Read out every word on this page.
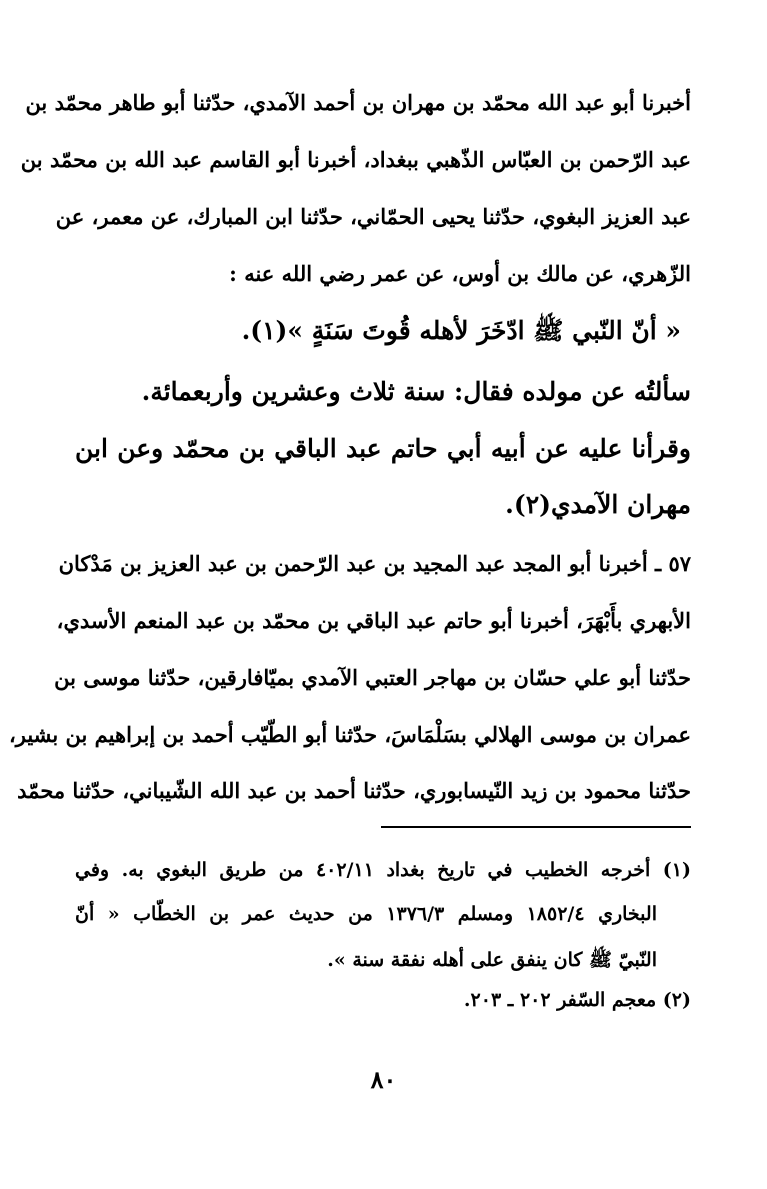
أخبرنا أبو عبد الله محمّد بن مهران بن أحمد الآمدي، حدّثنا أبو طاهر محمّد بن
عبد الرّحمن بن العبّاس الذّهبي ببغداد، أخبرنا أبو القاسم عبد الله بن محمّد بن
عبد العزيز البغوي، حدّثنا يحيى الحمّاني، حدّثنا ابن المبارك، عن معمر، عن
الزّهري، عن مالك بن أوس، عن عمر رضي الله عنه :
« أنّ النّبي ﷺ ادّخَرَ لأهله قُوتَ سَنَةٍ »(١).
سألتُه عن مولده فقال: سنة ثلاث وعشرين وأربعمائة.
وقرأنا عليه عن أبيه أبي حاتم عبد الباقي بن محمّد وعن ابن
مهران الآمدي(٢).
٥٧ ـ أخبرنا أبو المجد عبد المجيد بن عبد الرّحمن بن عبد العزيز بن مَدْكان
الأبهري بأَبْهَرَ، أخبرنا أبو حاتم عبد الباقي بن محمّد بن عبد المنعم الأسدي،
حدّثنا أبو علي حسّان بن مهاجر العتبي الآمدي بميّافارقين، حدّثنا موسى بن
عمران بن موسى الهلالي بسَلْمَاسَ، حدّثنا أبو الطّيّب أحمد بن إبراهيم بن بشير،
حدّثنا محمود بن زيد النّيسابوري، حدّثنا أحمد بن عبد الله الشّيباني، حدّثنا محمّد
(١) أخرجه الخطيب في تاريخ بغداد ٤٠٢/١١ من طريق البغوي به. وفي
البخاري ١٨٥٢/٤ ومسلم ١٣٧٦/٣ من حديث عمر بن الخطّاب « أنّ
النّبيّ ﷺ كان ينفق على أهله نفقة سنة ».
(٢) معجم السّفر ٢٠٢ ـ ٢٠٣.
٨٠
